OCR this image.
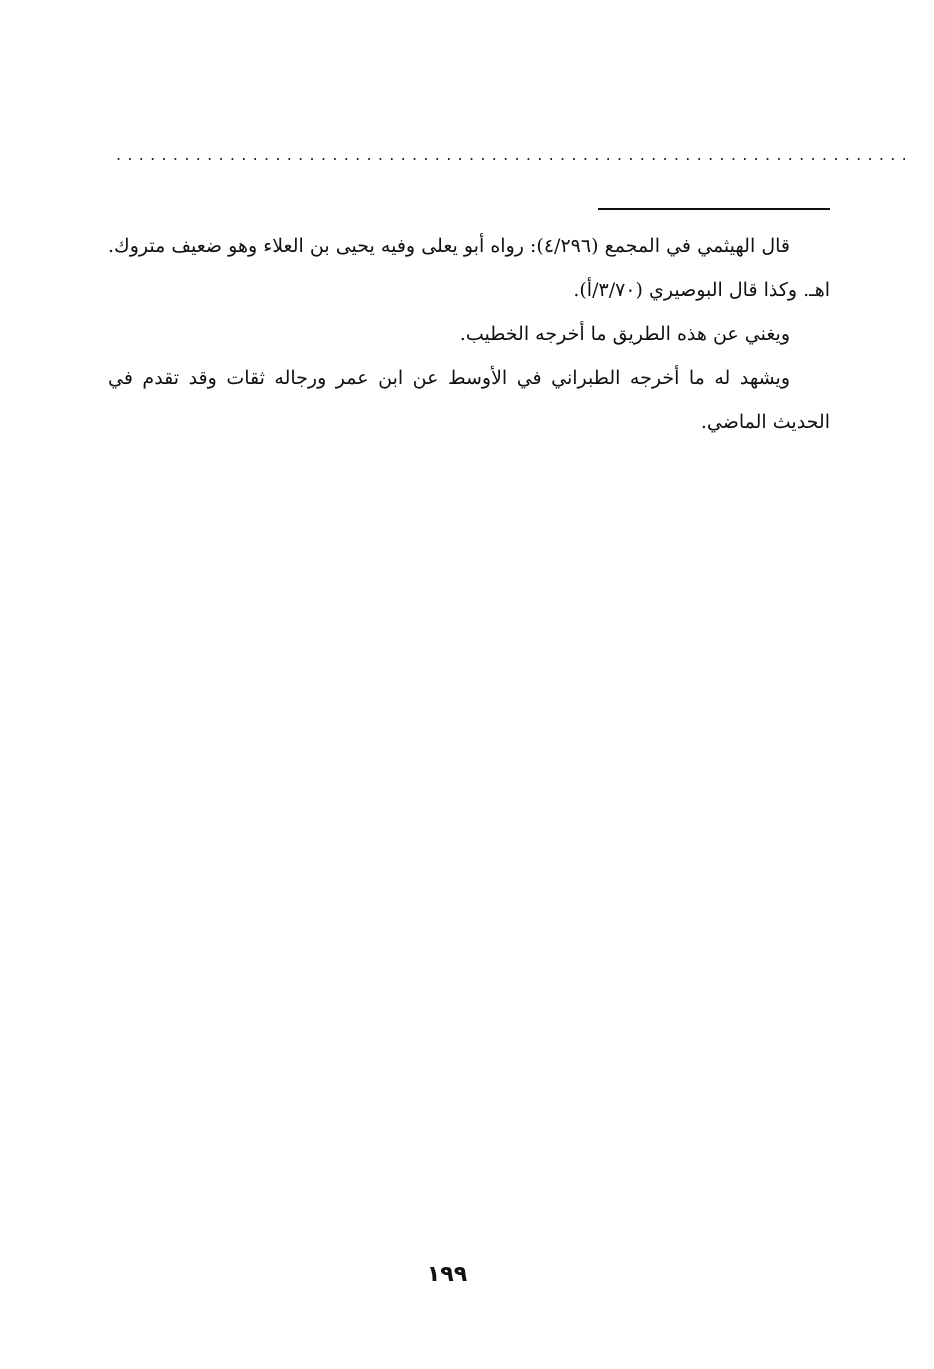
......................................................................

قال الهيثمي في المجمع (٤/٢٩٦): رواه أبو يعلى وفيه يحيى بن العلاء وهو ضعيف متروك. اهـ. وكذا قال البوصيري (٣/٧٠/أ).

ويغني عن هذه الطريق ما أخرجه الخطيب.

ويشهد له ما أخرجه الطبراني في الأوسط عن ابن عمر ورجاله ثقات وقد تقدم في الحديث الماضي.

١٩٩
